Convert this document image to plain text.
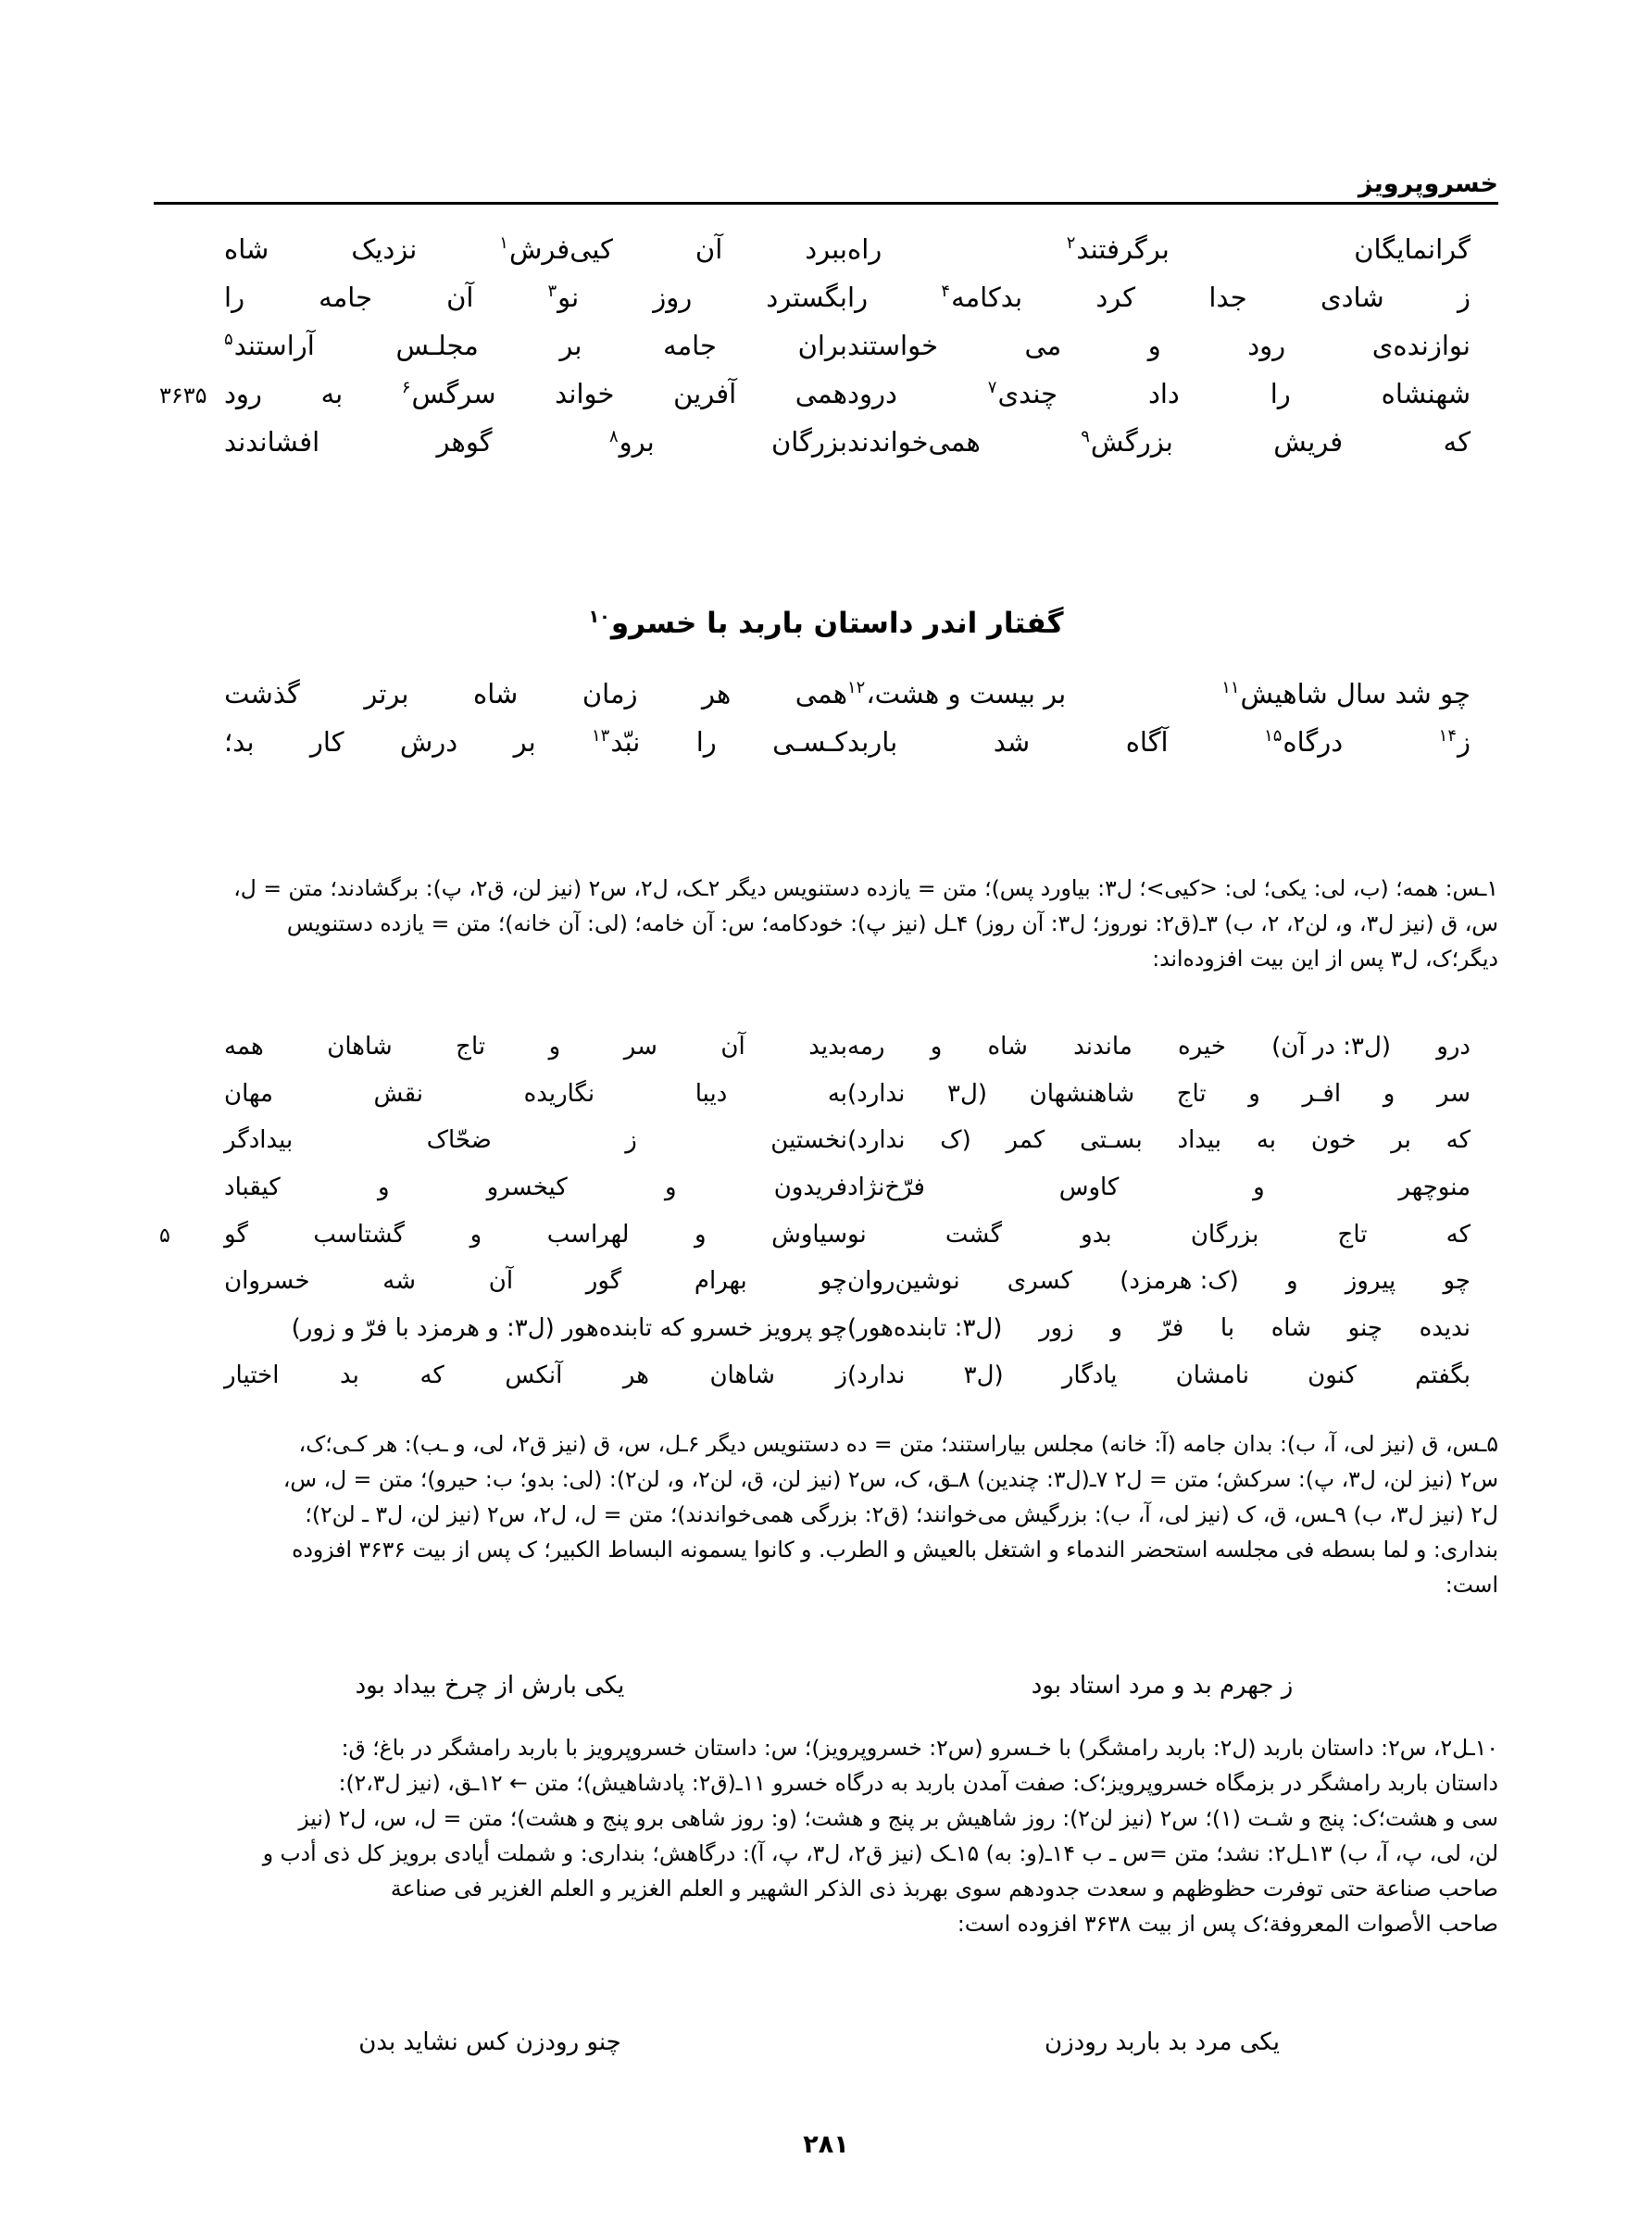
خسروپرویز
گرانمایگان
برگرفتند$^۲$
راه
ببرد
آن
کیی‌فرش$^۱$
نزدیک
شاه
ز
شادی
جدا
کرد
بدکامه$^۴$
را
بگسترد
روز
نو$^۳$
آن
جامه
را
نوازنده‌ی
رود
و
می
خواستند
بران
جامه
بر
مجلـس
آراستند$^۵$
شهنشاه
را
داد
چندی$^۷$
درود
همی
آفرین
خواند
سرگس$^۶$
به
رود
۳۶۳۵
که
فریش
بزرگش$^۹$
همی‌خواندند
بزرگان
برو$^۸$
گوهر
افشاندند
گفتار اندر داستان باربد با خسرو$^{۱۰}$
چو شد سال شاهیش$^{۱۱}$
بر بیست و هشت،$^{۱۲}$
همی
هر
زمان
شاه
برتر
گذشت
ز$^{۱۴}$
درگاه$^{۱۵}$
آگاه
شد
باربد
کـسـی
را
نبّد$^{۱۳}$
بر
درش
کار
بد؛

۱ـس: همه؛ (ب، لی: یکی؛ لی: <کیی>؛ ل۳: بیاورد پس)؛ متن = یازده دستنویس دیگر ۲ـک، ل۲، س۲ (نیز لن، ق۲، پ): برگشادند؛ متن = ل،

س، ق (نیز ل۳، و، لن۲، ۲، ب) ۳ـ(ق۲: نوروز؛ ل۳: آن روز) ۴ـل (نیز پ): خودکامه؛ س: آن خامه؛ (لی: آن خانه)؛ متن = یازده دستنویس

دیگر؛ک، ل۳ پس از این بیت افزوده‌اند:

درو
(ل۳: در آن)
خیره
ماندند
شاه
و
رمه
بدید
آن
سر
و
تاج
شاهان
همه
سر
و
افـر
و
تاج
شاهنشهان
(ل۳
ندارد)
به
دیبا
نگاریده
نقش
مهان
که
بر
خون
به
بیداد
بسـتی
کمر
(ک
ندارد)
نخستین
ز
ضحّاک
بیدادگر
منوچهر
و
کاوس
فرّخ‌نژاد
فریدون
و
کیخسرو
و
کیقباد
که
تاج
بزرگان
بدو
گشت
نو
سیاوش
و
لهراسب
و
گشتاسب
گو
۵
چو
پیروز
و
(ک: هرمزد)
کسری
نوشین‌روان
چو
بهرام
گور
آن
شه
خسروان
ندیده
چنو
شاه
با
فرّ
و
زور
(ل۳: تابنده‌هور)
چو پرویز خسرو که تابنده‌هور (ل۳: و هرمزد با فرّ و زور)
بگفتم
کنون
نامشان
یادگار
(ل۳
ندارد)
ز
شاهان
هر
آنکس
که
بد
اختیار

۵ـس، ق (نیز لی، آ، ب): بدان جامه (آ: خانه) مجلس بیاراستند؛ متن = ده دستنویس دیگر ۶ـل، س، ق (نیز ق۲، لی، و ـب): هر کـی؛ک،

س۲ (نیز لن، ل۳، پ): سرکش؛ متن = ل۲ ۷ـ(ل۳: چندین) ۸ـق، ک، س۲ (نیز لن، ق، لن۲، و، لن۲): (لی: بدو؛ ب: حیرو)؛ متن = ل، س،

ل۲ (نیز ل۳، ب) ۹ـس، ق، ک (نیز لی، آ، ب): بزرگیش می‌خوانند؛ (ق۲: بزرگی همی‌خواندند)؛ متن = ل، ل۲، س۲ (نیز لن، ل۳ ـ لن۲)؛

بنداری: و لما بسطه فی مجلسه استحضر الندماء و اشتغل بالعیش و الطرب. و کانوا یسمونه البساط الکبیر؛ ک پس از بیت ۳۶۳۶ افزوده

است:

ز جهرم بد و مرد استاد بود
یکی بارش از چرخ بیداد بود

۱۰ـل۲، س۲: داستان باربد (ل۲: باربد رامشگر) با خـسرو (س۲: خسروپرویز)؛ س: داستان خسروپرویز با باربد رامشگر در باغ؛ ق:

داستان باربد رامشگر در بزمگاه خسروپرویز؛ک: صفت آمدن باربد به درگاه خسرو ۱۱ـ(ق۲: پادشاهیش)؛ متن ← ۱۲ـق، (نیز ل۲،۳):

سی و هشت؛ک: پنج و شـت (۱)؛ س۲ (نیز لن۲): روز شاهیش بر پنج و هشت؛ (و: روز شاهی برو پنج و هشت)؛ متن = ل، س، ل۲ (نیز

لن، لی، پ، آ، ب) ۱۳ـل۲: نشد؛ متن =س ـ ب ۱۴ـ(و: به) ۱۵ـک (نیز ق۲، ل۳، پ، آ): درگاهش؛ بنداری: و شملت أیادی برویز کل ذی أدب و

صاحب صناعة حتی توفرت حظوظهم و سعدت جدودهم سوی بهربذ ذی الذکر الشهیر و العلم الغزیر و العلم الغزیر فی صناعة

صاحب الأصوات المعروفة؛ک پس از بیت ۳۶۳۸ افزوده است:

یکی مرد بد باربد رودزن
چنو رودزن کس نشاید بدن
۲۸۱
